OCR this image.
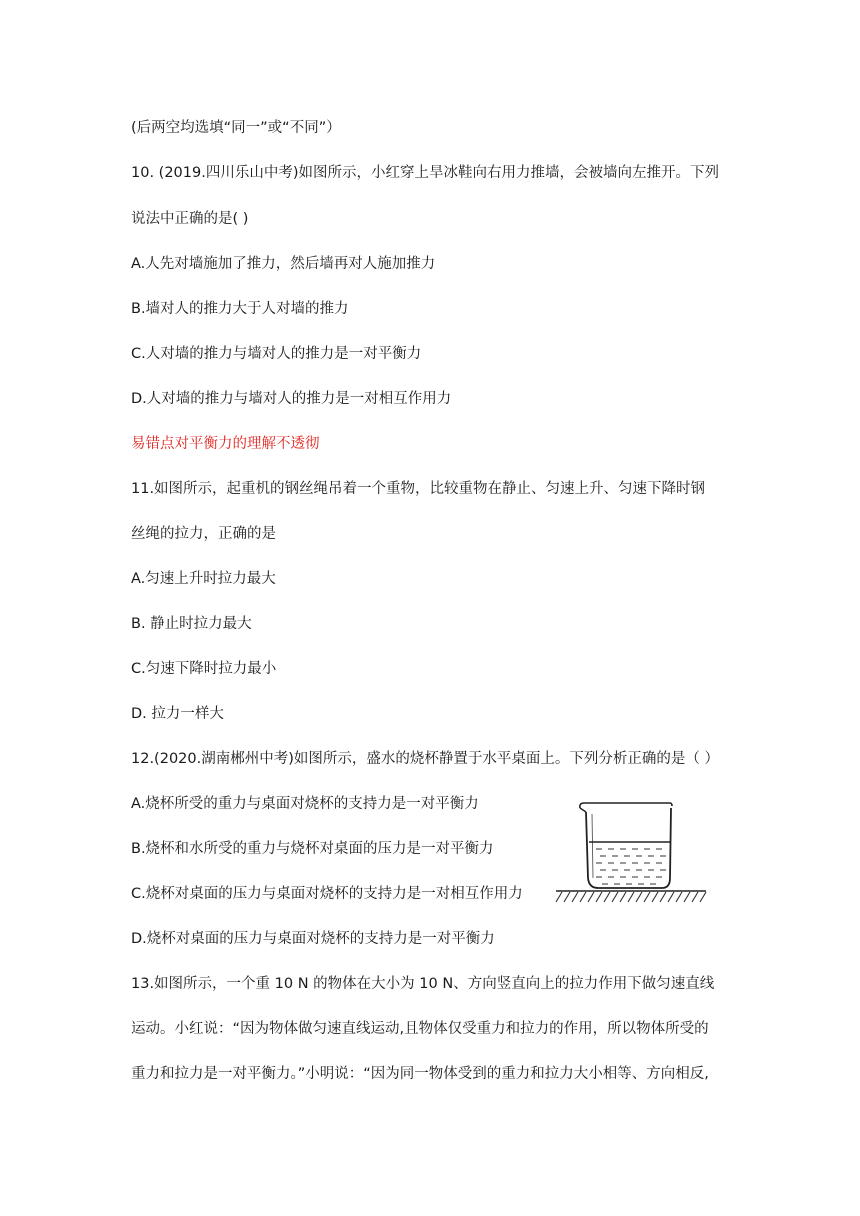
(后两空均选填“同一”或“不同”）
10. (2019.四川乐山中考)如图所示，小红穿上旱冰鞋向右用力推墙，会被墙向左推开。下列
说法中正确的是( )
A.人先对墙施加了推力，然后墙再对人施加推力
B.墙对人的推力大于人对墙的推力
C.人对墙的推力与墙对人的推力是一对平衡力
D.人对墙的推力与墙对人的推力是一对相互作用力
易错点对平衡力的理解不透彻
11.如图所示，起重机的钢丝绳吊着一个重物，比较重物在静止、匀速上升、匀速下降时钢
丝绳的拉力，正确的是
A.匀速上升时拉力最大
B. 静止时拉力最大
C.匀速下降时拉力最小
D. 拉力一样大
12.(2020.湖南郴州中考)如图所示，盛水的烧杯静置于水平桌面上。下列分析正确的是（ ）
A.烧杯所受的重力与桌面对烧杯的支持力是一对平衡力
B.烧杯和水所受的重力与烧杯对桌面的压力是一对平衡力
C.烧杯对桌面的压力与桌面对烧杯的支持力是一对相互作用力
D.烧杯对桌面的压力与桌面对烧杯的支持力是一对平衡力
13.如图所示，一个重 10 N 的物体在大小为 10 N、方向竖直向上的拉力作用下做匀速直线
运动。小红说：“因为物体做匀速直线运动,且物体仅受重力和拉力的作用，所以物体所受的
重力和拉力是一对平衡力。”小明说：“因为同一物体受到的重力和拉力大小相等、方向相反,
